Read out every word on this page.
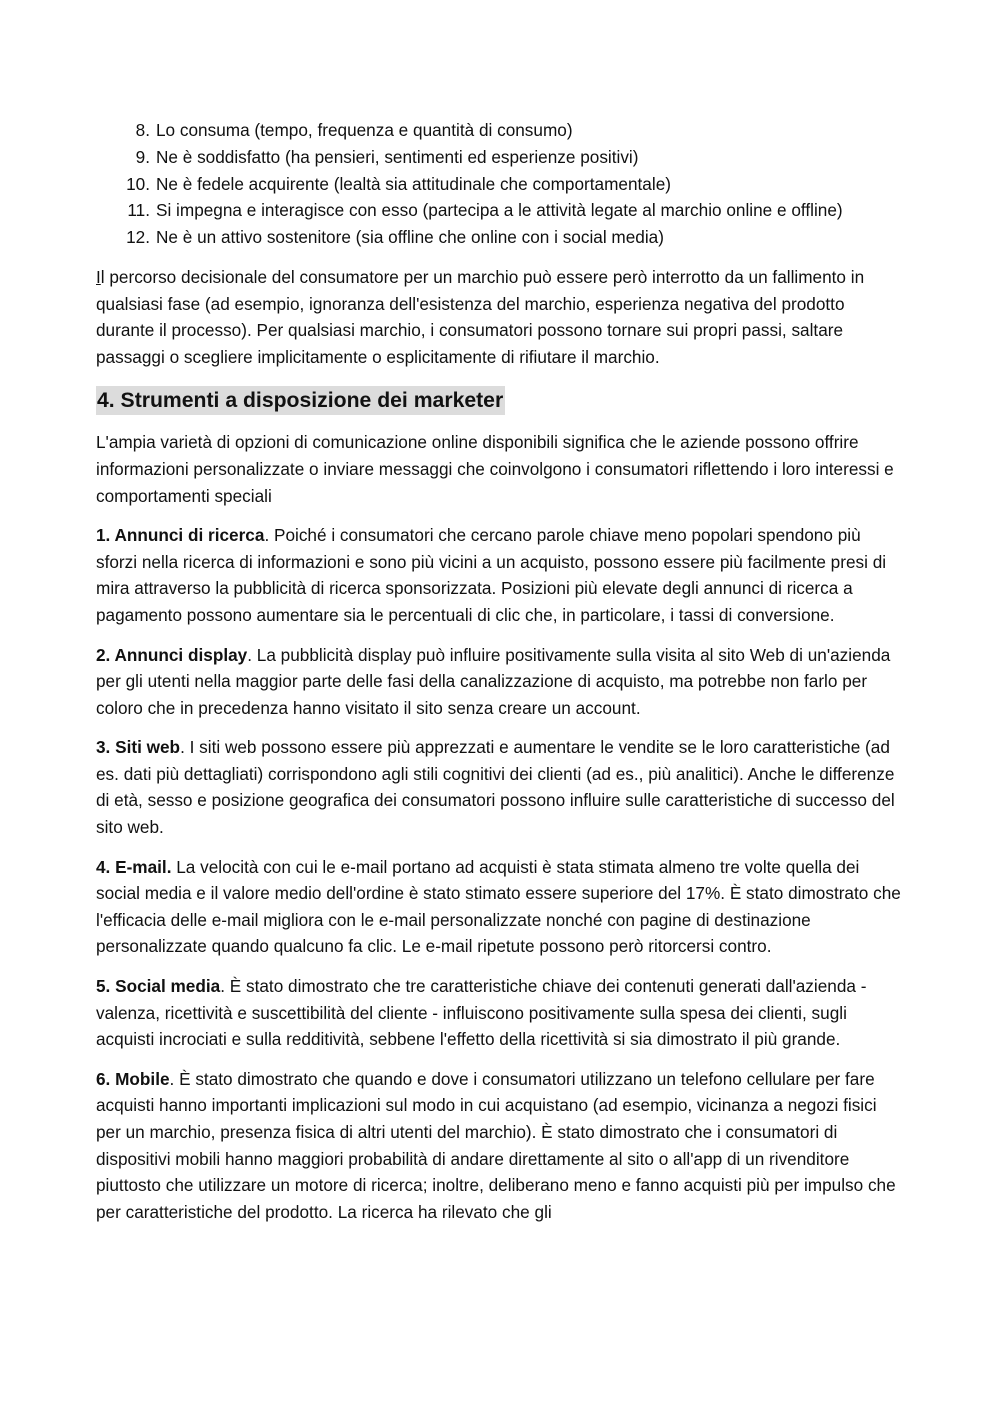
8. Lo consuma (tempo, frequenza e quantità di consumo)
9. Ne è soddisfatto (ha pensieri, sentimenti ed esperienze positivi)
10. Ne è fedele acquirente (lealtà sia attitudinale che comportamentale)
11. Si impegna e interagisce con esso (partecipa a le attività legate al marchio online e offline)
12. Ne è un attivo sostenitore (sia offline che online con i social media)

Il percorso decisionale del consumatore per un marchio può essere però interrotto da un fallimento in qualsiasi fase (ad esempio, ignoranza dell'esistenza del marchio, esperienza negativa del prodotto durante il processo). Per qualsiasi marchio, i consumatori possono tornare sui propri passi, saltare passaggi o scegliere implicitamente o esplicitamente di rifiutare il marchio.

4. Strumenti a disposizione dei marketer

L'ampia varietà di opzioni di comunicazione online disponibili significa che le aziende possono offrire informazioni personalizzate o inviare messaggi che coinvolgono i consumatori riflettendo i loro interessi e comportamenti speciali

1. Annunci di ricerca. Poiché i consumatori che cercano parole chiave meno popolari spendono più sforzi nella ricerca di informazioni e sono più vicini a un acquisto, possono essere più facilmente presi di mira attraverso la pubblicità di ricerca sponsorizzata. Posizioni più elevate degli annunci di ricerca a pagamento possono aumentare sia le percentuali di clic che, in particolare, i tassi di conversione.

2. Annunci display. La pubblicità display può influire positivamente sulla visita al sito Web di un'azienda per gli utenti nella maggior parte delle fasi della canalizzazione di acquisto, ma potrebbe non farlo per coloro che in precedenza hanno visitato il sito senza creare un account.

3. Siti web. I siti web possono essere più apprezzati e aumentare le vendite se le loro caratteristiche (ad es. dati più dettagliati) corrispondono agli stili cognitivi dei clienti (ad es., più analitici). Anche le differenze di età, sesso e posizione geografica dei consumatori possono influire sulle caratteristiche di successo del sito web.

4. E-mail. La velocità con cui le e-mail portano ad acquisti è stata stimata almeno tre volte quella dei social media e il valore medio dell'ordine è stato stimato essere superiore del 17%. È stato dimostrato che l'efficacia delle e-mail migliora con le e-mail personalizzate nonché con pagine di destinazione personalizzate quando qualcuno fa clic. Le e-mail ripetute possono però ritorcersi contro.

5. Social media. È stato dimostrato che tre caratteristiche chiave dei contenuti generati dall'azienda - valenza, ricettività e suscettibilità del cliente - influiscono positivamente sulla spesa dei clienti, sugli acquisti incrociati e sulla redditività, sebbene l'effetto della ricettività si sia dimostrato il più grande.

6. Mobile. È stato dimostrato che quando e dove i consumatori utilizzano un telefono cellulare per fare acquisti hanno importanti implicazioni sul modo in cui acquistano (ad esempio, vicinanza a negozi fisici per un marchio, presenza fisica di altri utenti del marchio). È stato dimostrato che i consumatori di dispositivi mobili hanno maggiori probabilità di andare direttamente al sito o all'app di un rivenditore piuttosto che utilizzare un motore di ricerca; inoltre, deliberano meno e fanno acquisti più per impulso che per caratteristiche del prodotto. La ricerca ha rilevato che gli
